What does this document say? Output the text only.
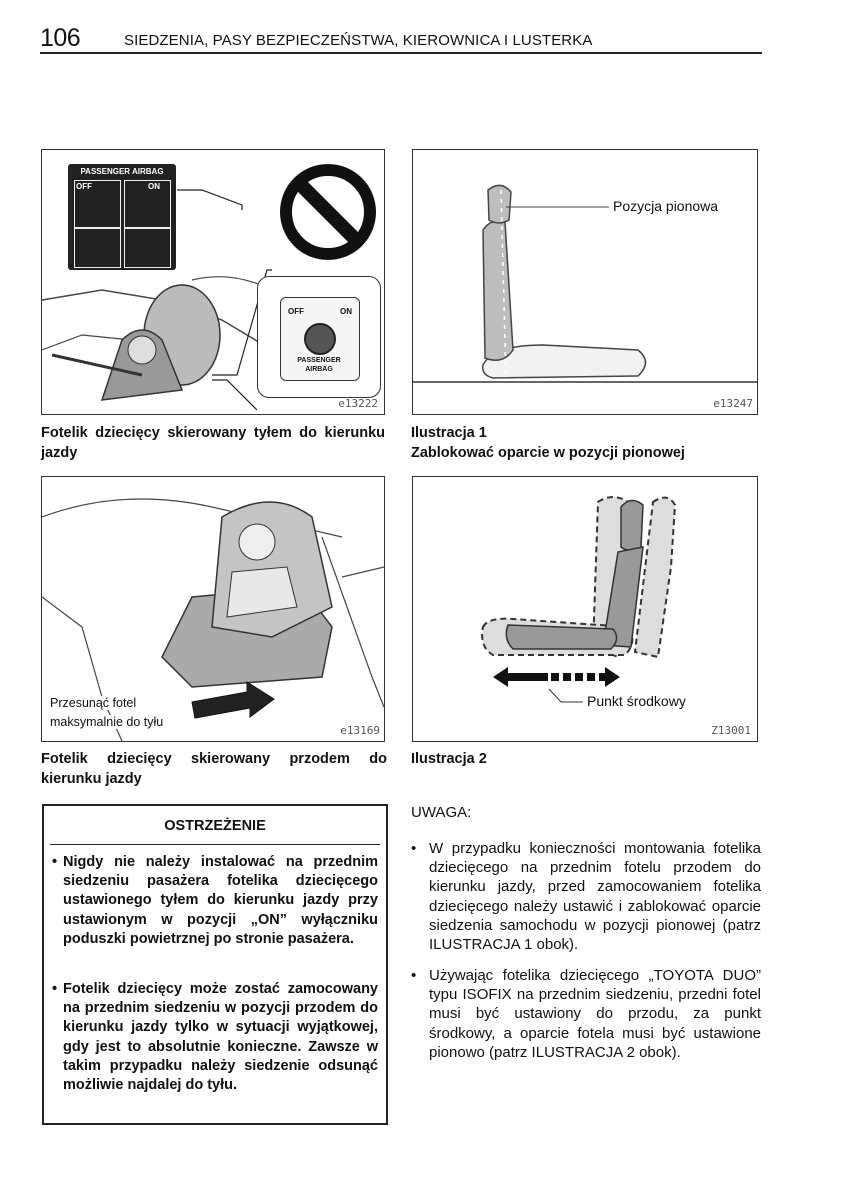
106	SIEDZENIA, PASY BEZPIECZEŃSTWA, KIEROWNICA I LUSTERKA
PASSENGER AIRBAG
OFF	ON
OFF	ON
PASSENGER
AIRBAG
e13222
Fotelik dziecięcy skierowany tyłem do kierunku jazdy
Pozycja pionowa
e13247
Ilustracja 1
Zablokować oparcie w pozycji pionowej
Przesunąć fotel
maksymalnie do tyłu
e13169
Fotelik dziecięcy skierowany przodem do kierunku jazdy
Punkt środkowy
Z13001
Ilustracja 2
OSTRZEŻENIE
• Nigdy nie należy instalować na przednim siedzeniu pasażera fotelika dziecięcego ustawionego tyłem do kierunku jazdy przy ustawionym w pozycji „ON” wyłączniku poduszki powietrznej po stronie pasażera.
• Fotelik dziecięcy może zostać zamocowany na przednim siedzeniu w pozycji przodem do kierunku jazdy tylko w sytuacji wyjątkowej, gdy jest to absolutnie konieczne. Zawsze w takim przypadku należy siedzenie odsunąć możliwie najdalej do tyłu.
UWAGA:
• W przypadku konieczności montowania fotelika dziecięcego na przednim fotelu przodem do kierunku jazdy, przed zamocowaniem fotelika dziecięcego należy ustawić i zablokować oparcie siedzenia samochodu w pozycji pionowej (patrz ILUSTRACJA 1 obok).
• Używając fotelika dziecięcego „TOYOTA DUO” typu ISOFIX na przednim siedzeniu, przedni fotel musi być ustawiony do przodu, za punkt środkowy, a oparcie fotela musi być ustawione pionowo (patrz ILUSTRACJA 2 obok).
